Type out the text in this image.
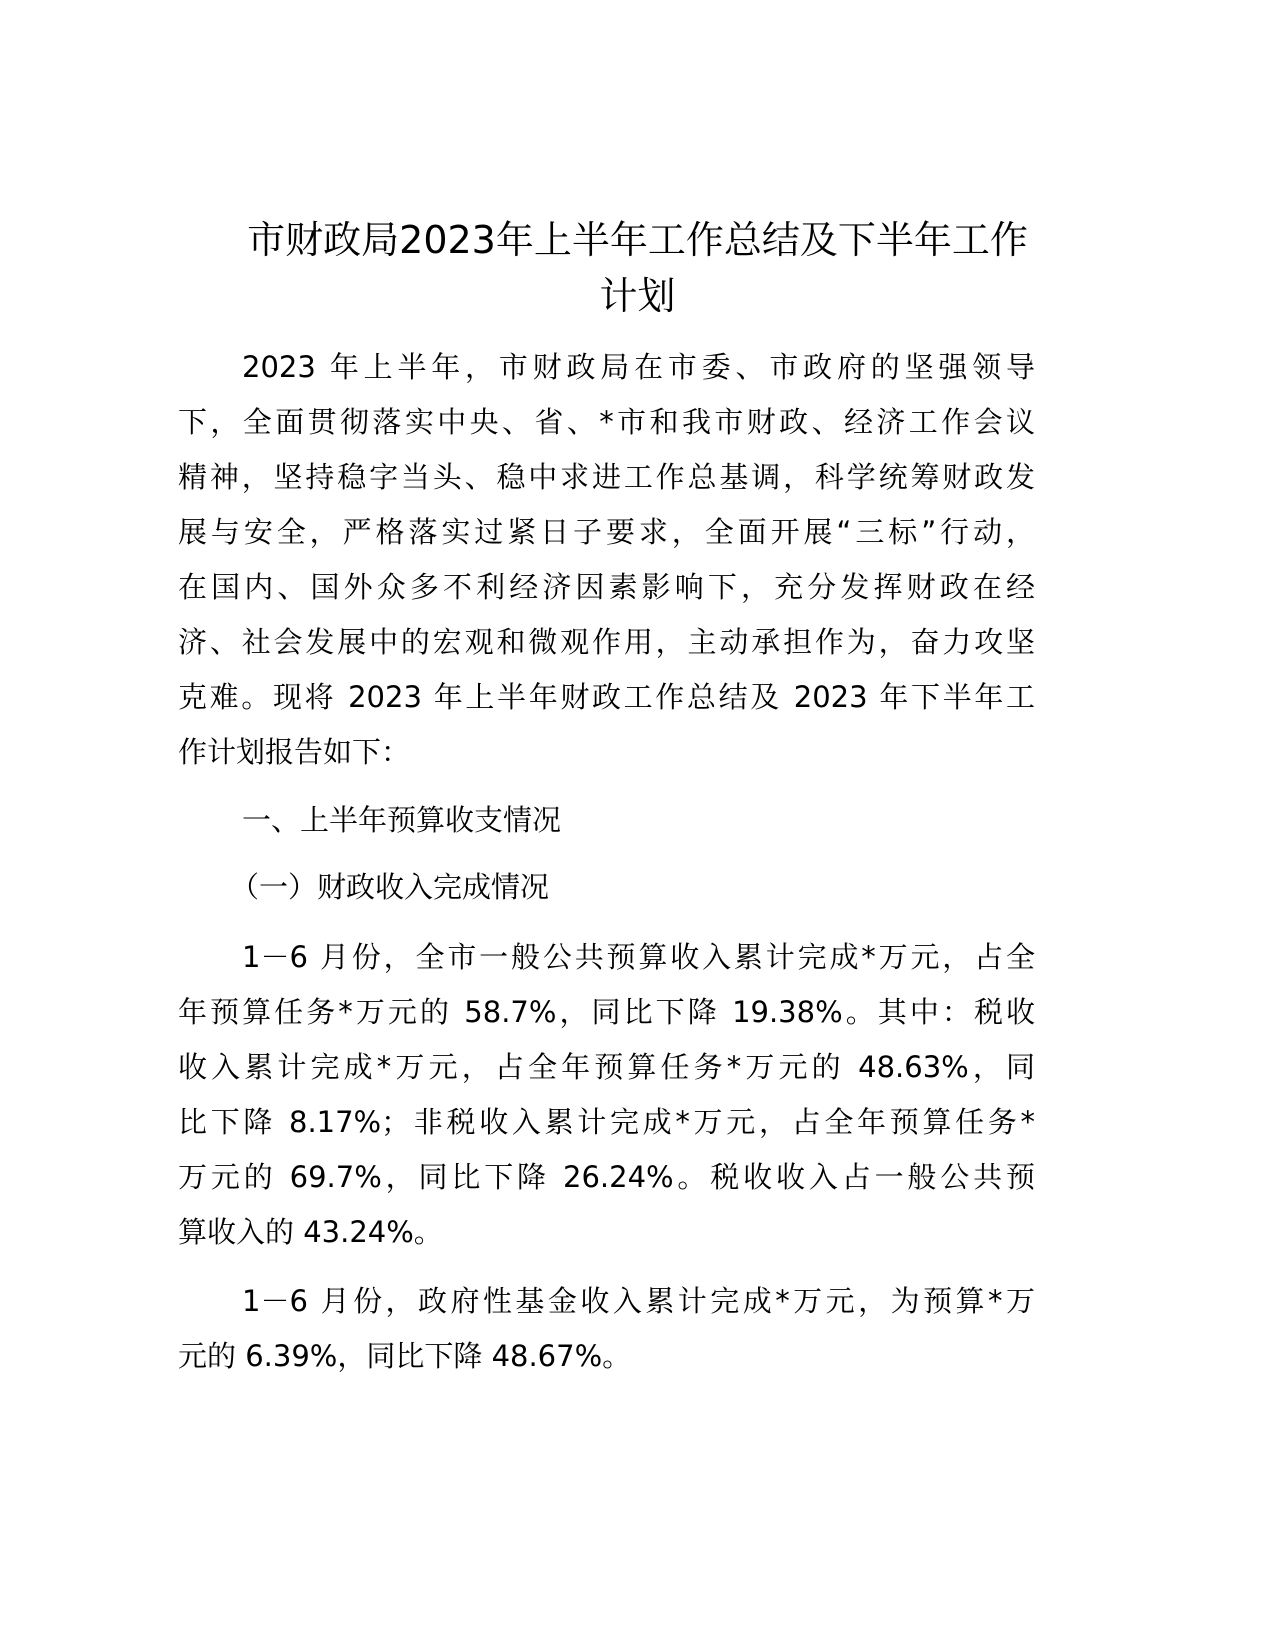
市财政局2023年上半年工作总结及下半年工作
计划
2023 年上半年，市财政局在市委、市政府的坚强领导
下，全面贯彻落实中央、省、*市和我市财政、经济工作会议
精神，坚持稳字当头、稳中求进工作总基调，科学统筹财政发
展与安全，严格落实过紧日子要求，全面开展“三标”行动，
在国内、国外众多不利经济因素影响下，充分发挥财政在经
济、社会发展中的宏观和微观作用，主动承担作为，奋力攻坚
克难。现将 2023 年上半年财政工作总结及 2023 年下半年工
作计划报告如下：
一、上半年预算收支情况
（一）财政收入完成情况
1－6 月份，全市一般公共预算收入累计完成*万元，占全
年预算任务*万元的 58.7%，同比下降 19.38%。其中：税收
收入累计完成*万元，占全年预算任务*万元的 48.63%，同
比下降 8.17%；非税收入累计完成*万元，占全年预算任务*
万元的 69.7%，同比下降 26.24%。税收收入占一般公共预
算收入的 43.24%。
1－6 月份，政府性基金收入累计完成*万元，为预算*万
元的 6.39%，同比下降 48.67%。
